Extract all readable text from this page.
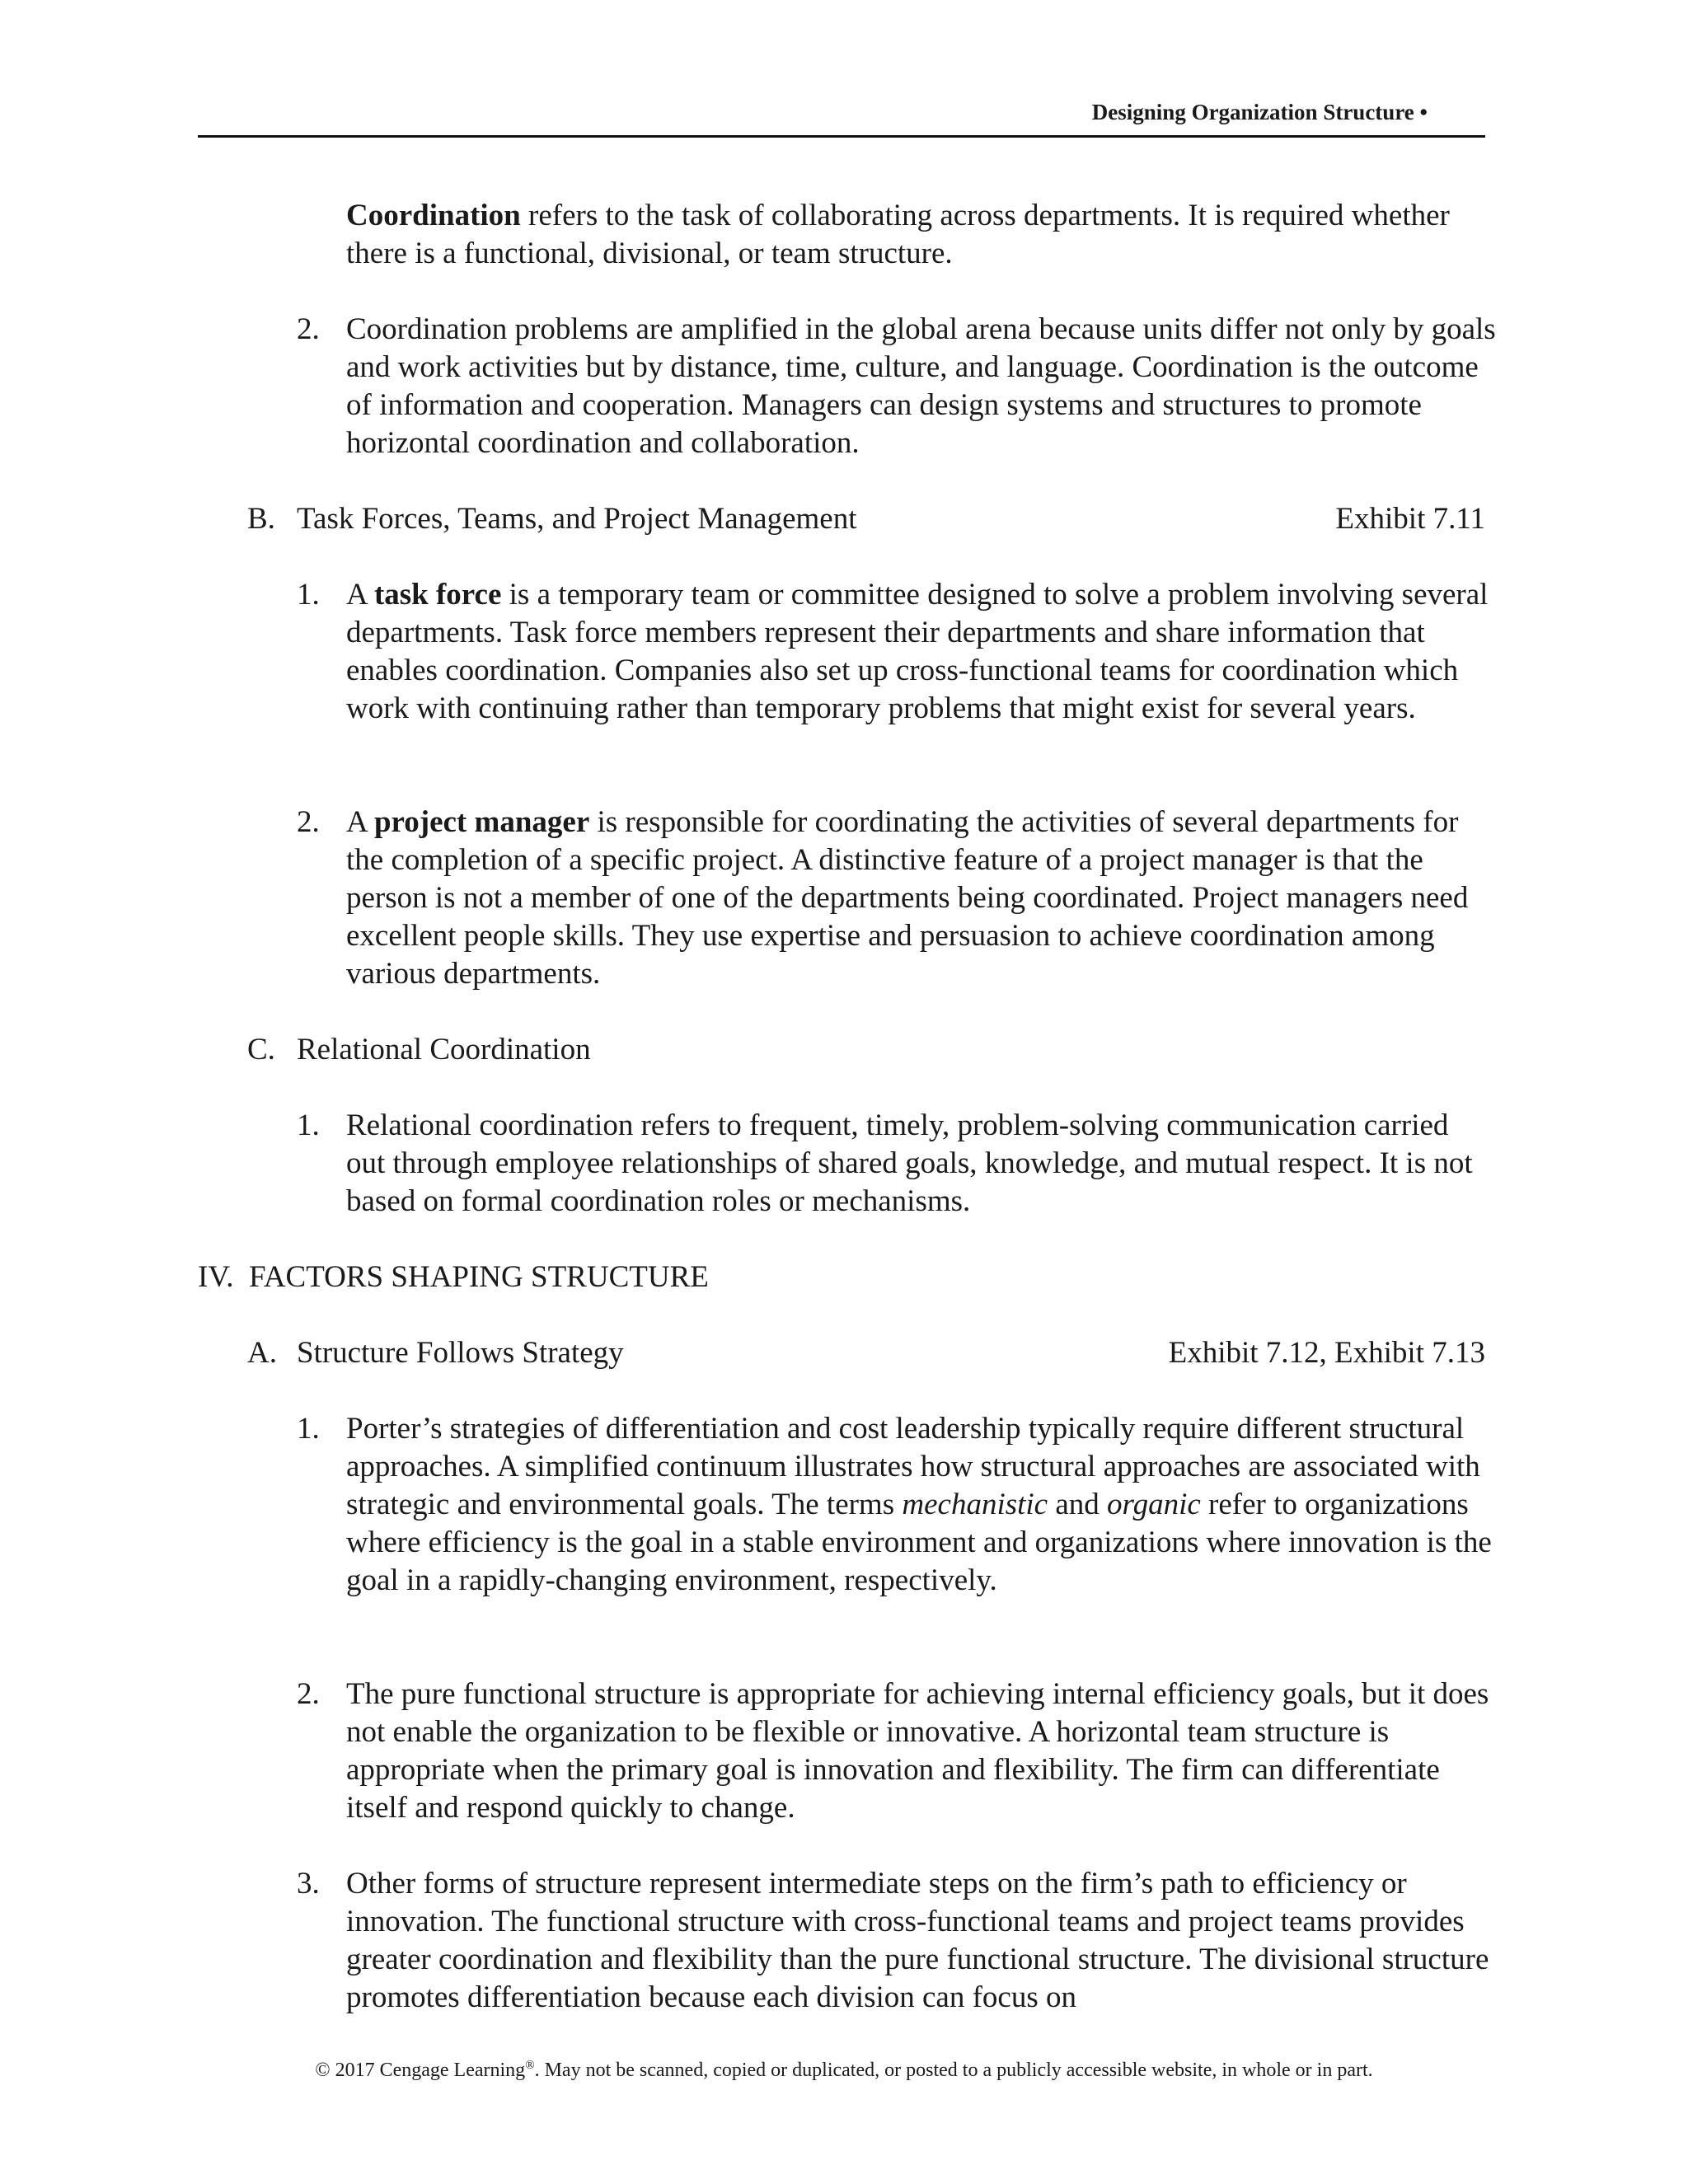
Designing Organization Structure •

Coordination refers to the task of collaborating across departments. It is required whether there is a functional, divisional, or team structure.

2. Coordination problems are amplified in the global arena because units differ not only by goals and work activities but by distance, time, culture, and language. Coordination is the outcome of information and cooperation. Managers can design systems and structures to promote horizontal coordination and collaboration.

B. Task Forces, Teams, and Project Management	Exhibit 7.11
1. A task force is a temporary team or committee designed to solve a problem involving several departments. Task force members represent their departments and share information that enables coordination. Companies also set up cross-functional teams for coordination which work with continuing rather than temporary problems that might exist for several years.

2. A project manager is responsible for coordinating the activities of several departments for the completion of a specific project. A distinctive feature of a project manager is that the person is not a member of one of the departments being coordinated. Project managers need excellent people skills. They use expertise and persuasion to achieve coordination among various departments.

C. Relational Coordination
1. Relational coordination refers to frequent, timely, problem-solving communication carried out through employee relationships of shared goals, knowledge, and mutual respect. It is not based on formal coordination roles or mechanisms.

IV. FACTORS SHAPING STRUCTURE
A. Structure Follows Strategy	Exhibit 7.12, Exhibit 7.13
1. Porter’s strategies of differentiation and cost leadership typically require different structural approaches. A simplified continuum illustrates how structural approaches are associated with strategic and environmental goals. The terms mechanistic and organic refer to organizations where efficiency is the goal in a stable environment and organizations where innovation is the goal in a rapidly-changing environment, respectively.

2. The pure functional structure is appropriate for achieving internal efficiency goals, but it does not enable the organization to be flexible or innovative. A horizontal team structure is appropriate when the primary goal is innovation and flexibility. The firm can differentiate itself and respond quickly to change.

3. Other forms of structure represent intermediate steps on the firm’s path to efficiency or innovation. The functional structure with cross-functional teams and project teams provides greater coordination and flexibility than the pure functional structure. The divisional structure promotes differentiation because each division can focus on

© 2017 Cengage Learning®. May not be scanned, copied or duplicated, or posted to a publicly accessible website, in whole or in part.
